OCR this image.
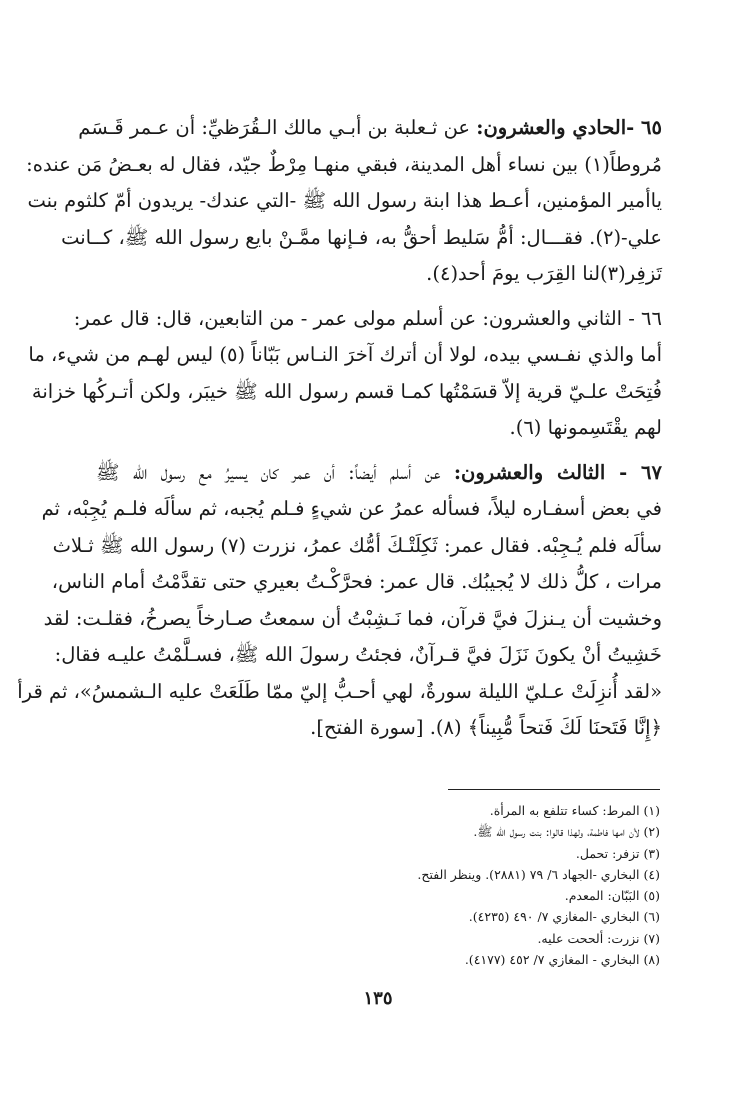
٦٥ -الحادي والعشرون: عن ثـعلبة بن أبـي مالك الـقُرَظيِّ: أن عـمر قَـسَم
مُروطاً(١) بين نساء أهل المدينة، فبقي منهـا مِرْطٌ جيّد، فقال له بعـضُ مَن عنده:
ياأمير المؤمنين، أعـط هذا ابنة رسول الله ﷺ -التي عندك- يريدون أمّ كلثوم بنت
علي-(٢). فقـــال: أمُّ سَليط أحقُّ به، فـإنها ممَّـنْ بايع رسول الله ﷺ، كــانت
تَزفِر(٣)لنا القِرَب يومَ أحد(٤).
٦٦ - الثاني والعشرون: عن أسلم مولى عمر - من التابعين، قال: قال عمر:
أما والذي نفـسي بيده، لولا أن أترك آخرَ النـاس بَبّاناً (٥) ليس لهـم من شيء، ما
فُتِحَتْ علـيّ قرية إلاّ قسَمْتُها كمـا قسم رسول الله ﷺ خيبَر، ولكن أتـركُها خزانة
لهم يقْتَسِمونها (٦).
٦٧ - الثالث والعشرون: عن أسلم أيضاً: أن عمر كان يسيرُ مع رسول الله ﷺ
في بعض أسفـاره ليلاً، فسأله عمرُ عن شيءٍ فـلم يُجبه، ثم سألَه فلـم يُجِبْه، ثم
سألَه فلم يُـجِبْه. فقال عمر: ثَكِلَتْـكَ أمُّك عمرُ، نزرت (٧) رسول الله ﷺ ثـلاث
مرات ، كلُّ ذلك لا يُجيبُك. قال عمر: فحرَّكْـتُ بعيري حتى تقدَّمْتُ أمام الناس،
وخشيت أن يـنزلَ فيَّ قرآن، فما نَـشِبْتُ أن سمعتُ صـارخاً يصرخُ، فقلـت: لقد
خَشِيتُ أنْ يكونَ نَزَلَ فيَّ قـرآنٌ، فجئتُ رسولَ الله ﷺ، فسـلَّمْتُ عليـه فقال:
«لقد أُنزِلَتْ عـليّ الليلة سورةٌ، لهي أحـبُّ إليّ ممّا طَلَعَتْ عليه الـشمسُ»، ثم قرأ
﴿إِنَّا فَتَحنَا لَكَ فَتحاً مُّبِيناً﴾ (٨). [سورة الفتح].
(١) المرط: كساء تتلفع به المرأة.
(٢) لأن امها فاطمة، ولهذا قالوا: بنت رسول الله ﷺ.
(٣) تزفر: تحمل.
(٤) البخاري -الجهاد ٦/ ٧٩ (٢٨٨١). وينظر الفتح.
(٥) البَبّان: المعدم.
(٦) البخاري -المغازي ٧/ ٤٩٠ (٤٢٣٥).
(٧) نزرت: ألححت عليه.
(٨) البخاري - المغازي ٧/ ٤٥٢ (٤١٧٧).
١٣٥
